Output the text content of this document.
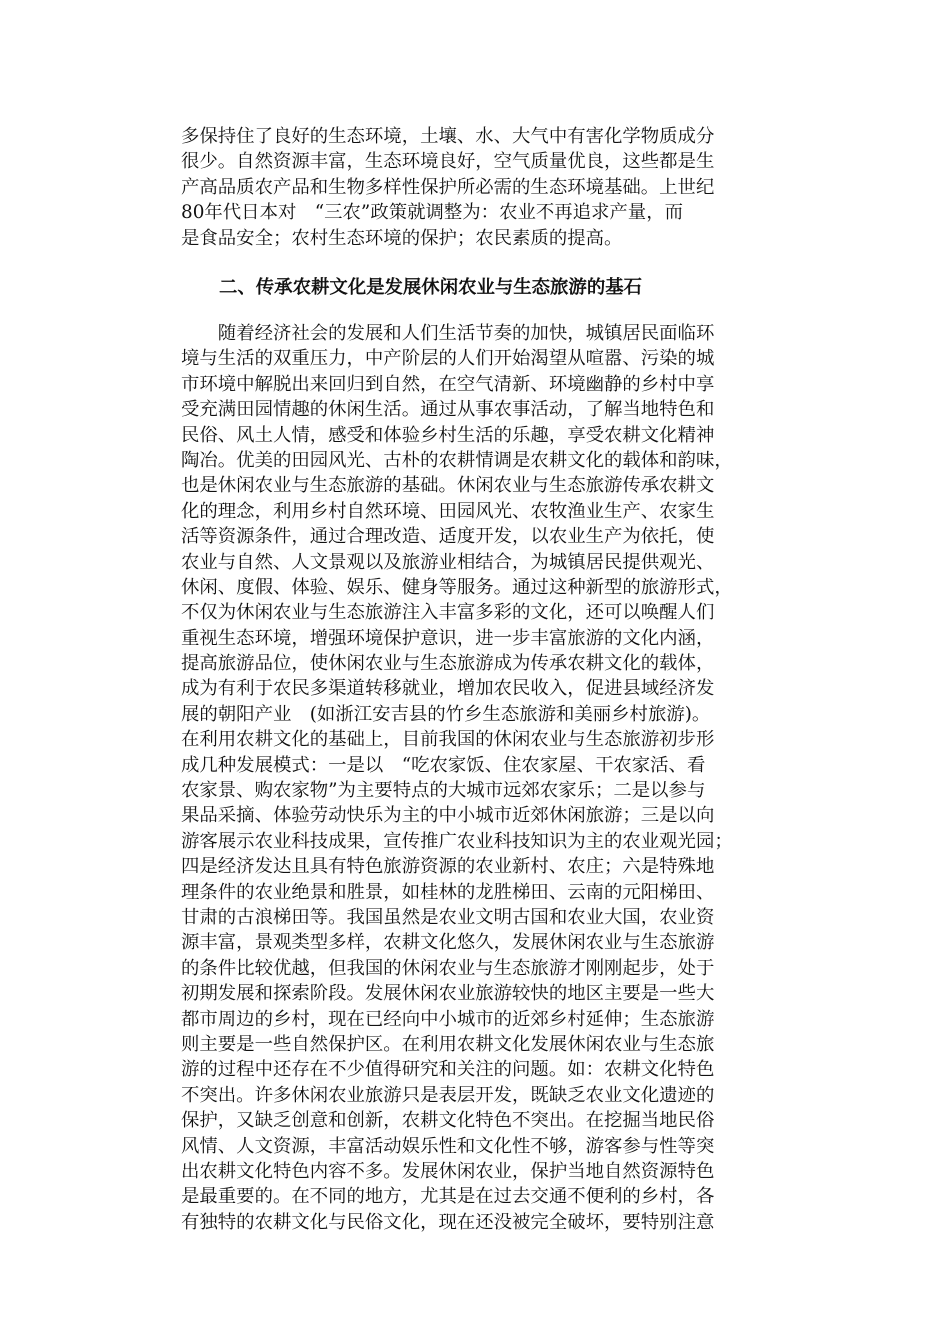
多保持住了良好的生态环境，土壤、水、大气中有害化学物质成分
很少。自然资源丰富，生态环境良好，空气质量优良，这些都是生
产高品质农产品和生物多样性保护所必需的生态环境基础。上世纪
80年代日本对　“三农”政策就调整为：农业不再追求产量，而
是食品安全；农村生态环境的保护；农民素质的提高。
二、传承农耕文化是发展休闲农业与生态旅游的基石
　　随着经济社会的发展和人们生活节奏的加快，城镇居民面临环
境与生活的双重压力，中产阶层的人们开始渴望从喧嚣、污染的城
市环境中解脱出来回归到自然，在空气清新、环境幽静的乡村中享
受充满田园情趣的休闲生活。通过从事农事活动，了解当地特色和
民俗、风土人情，感受和体验乡村生活的乐趣，享受农耕文化精神
陶冶。优美的田园风光、古朴的农耕情调是农耕文化的载体和韵味，
也是休闲农业与生态旅游的基础。休闲农业与生态旅游传承农耕文
化的理念，利用乡村自然环境、田园风光、农牧渔业生产、农家生
活等资源条件，通过合理改造、适度开发，以农业生产为依托，使
农业与自然、人文景观以及旅游业相结合，为城镇居民提供观光、
休闲、度假、体验、娱乐、健身等服务。通过这种新型的旅游形式，
不仅为休闲农业与生态旅游注入丰富多彩的文化，还可以唤醒人们
重视生态环境，增强环境保护意识，进一步丰富旅游的文化内涵，
提高旅游品位，使休闲农业与生态旅游成为传承农耕文化的载体，
成为有利于农民多渠道转移就业，增加农民收入，促进县域经济发
展的朝阳产业　(如浙江安吉县的竹乡生态旅游和美丽乡村旅游)。
在利用农耕文化的基础上，目前我国的休闲农业与生态旅游初步形
成几种发展模式：一是以　“吃农家饭、住农家屋、干农家活、看
农家景、购农家物”为主要特点的大城市远郊农家乐；二是以参与
果品采摘、体验劳动快乐为主的中小城市近郊休闲旅游；三是以向
游客展示农业科技成果，宣传推广农业科技知识为主的农业观光园；
四是经济发达且具有特色旅游资源的农业新村、农庄；六是特殊地
理条件的农业绝景和胜景，如桂林的龙胜梯田、云南的元阳梯田、
甘肃的古浪梯田等。我国虽然是农业文明古国和农业大国，农业资
源丰富，景观类型多样，农耕文化悠久，发展休闲农业与生态旅游
的条件比较优越，但我国的休闲农业与生态旅游才刚刚起步，处于
初期发展和探索阶段。发展休闲农业旅游较快的地区主要是一些大
都市周边的乡村，现在已经向中小城市的近郊乡村延伸；生态旅游
则主要是一些自然保护区。在利用农耕文化发展休闲农业与生态旅
游的过程中还存在不少值得研究和关注的问题。如：农耕文化特色
不突出。许多休闲农业旅游只是表层开发，既缺乏农业文化遗迹的
保护，又缺乏创意和创新，农耕文化特色不突出。在挖掘当地民俗
风情、人文资源，丰富活动娱乐性和文化性不够，游客参与性等突
出农耕文化特色内容不多。发展休闲农业，保护当地自然资源特色
是最重要的。在不同的地方，尤其是在过去交通不便利的乡村，各
有独特的农耕文化与民俗文化，现在还没被完全破坏，要特别注意
